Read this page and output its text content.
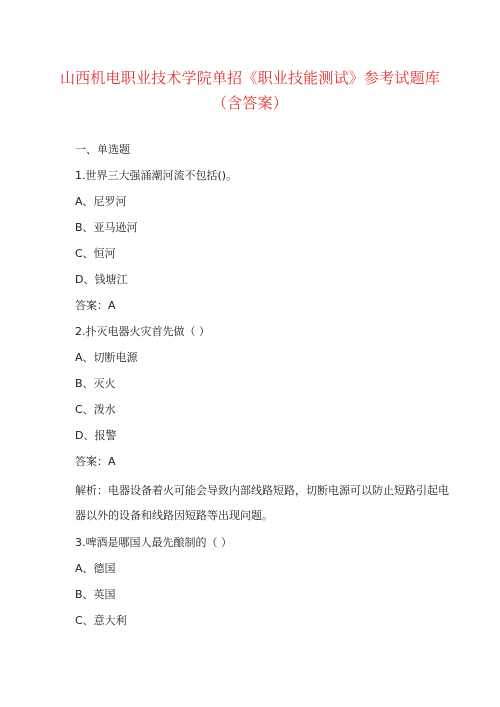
山西机电职业技术学院单招《职业技能测试》参考试题库
（含答案）
一、单选题
1.世界三大强涌潮河流不包括()。
A、尼罗河
B、亚马逊河
C、恒河
D、钱塘江
答案：A
2.扑灭电器火灾首先做（ ）
A、切断电源
B、灭火
C、泼水
D、报警
答案：A
解析：电器设备着火可能会导致内部线路短路，切断电源可以防止短路引起电
器以外的设备和线路因短路等出现问题。
3.啤酒是哪国人最先酿制的（ ）
A、德国
B、英国
C、意大利
